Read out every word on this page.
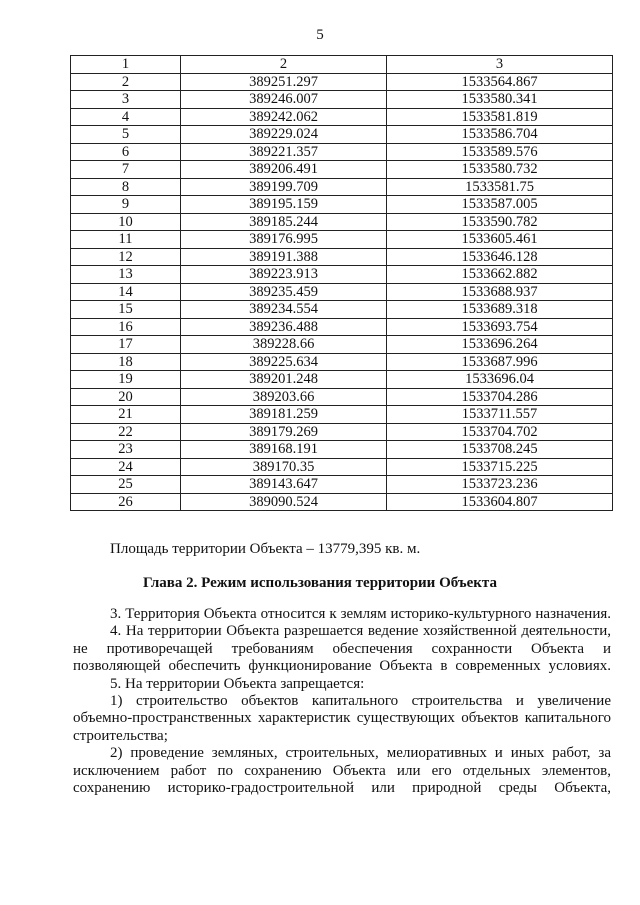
5
1	2	3
2	389251.297	1533564.867
3	389246.007	1533580.341
4	389242.062	1533581.819
5	389229.024	1533586.704
6	389221.357	1533589.576
7	389206.491	1533580.732
8	389199.709	1533581.75
9	389195.159	1533587.005
10	389185.244	1533590.782
11	389176.995	1533605.461
12	389191.388	1533646.128
13	389223.913	1533662.882
14	389235.459	1533688.937
15	389234.554	1533689.318
16	389236.488	1533693.754
17	389228.66	1533696.264
18	389225.634	1533687.996
19	389201.248	1533696.04
20	389203.66	1533704.286
21	389181.259	1533711.557
22	389179.269	1533704.702
23	389168.191	1533708.245
24	389170.35	1533715.225
25	389143.647	1533723.236
26	389090.524	1533604.807
Площадь территории Объекта – 13779,395 кв. м.
Глава 2. Режим использования территории Объекта

3. Территория Объекта относится к землям историко-культурного назначения.

4. На территории Объекта разрешается ведение хозяйственной деятельности, не противоречащей требованиям обеспечения сохранности Объекта и позволяющей обеспечить функционирование Объекта в современных условиях.

5. На территории Объекта запрещается:

1) строительство объектов капитального строительства и увеличение объемно-пространственных характеристик существующих объектов капитального строительства;

2) проведение земляных, строительных, мелиоративных и иных работ, за исключением работ по сохранению Объекта или его отдельных элементов, сохранению историко-градостроительной или природной среды Объекта,
